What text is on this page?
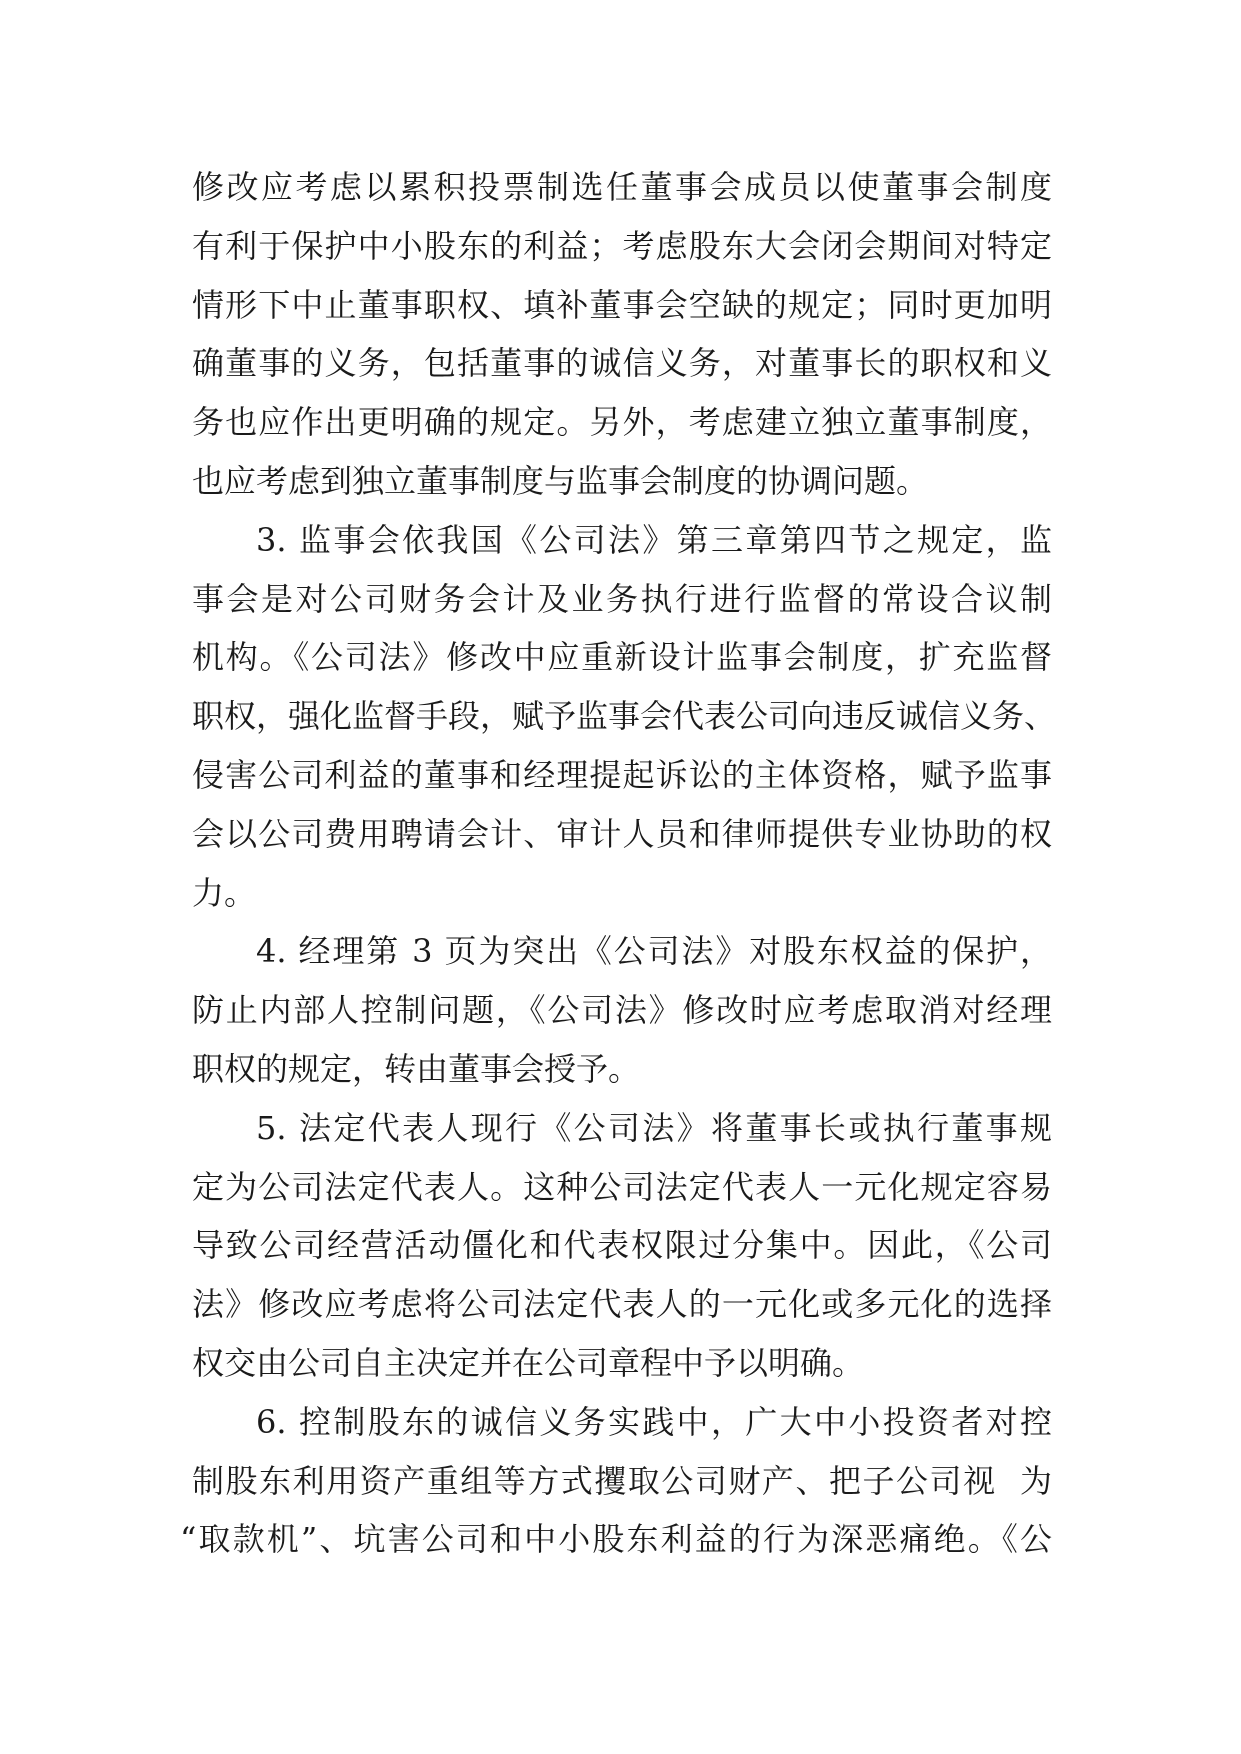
修改应考虑以累积投票制选任董事会成员以使董事会制度
有利于保护中小股东的利益；考虑股东大会闭会期间对特定
情形下中止董事职权、填补董事会空缺的规定；同时更加明
确董事的义务，包括董事的诚信义务，对董事长的职权和义
务也应作出更明确的规定。另外，考虑建立独立董事制度，
也应考虑到独立董事制度与监事会制度的协调问题。
3. 监事会依我国《公司法》第三章第四节之规定，监
事会是对公司财务会计及业务执行进行监督的常设合议制
机构。《公司法》修改中应重新设计监事会制度，扩充监督
职权，强化监督手段，赋予监事会代表公司向违反诚信义务、
侵害公司利益的董事和经理提起诉讼的主体资格，赋予监事
会以公司费用聘请会计、审计人员和律师提供专业协助的权
力。
4. 经理第 3 页为突出《公司法》对股东权益的保护，
防止内部人控制问题，《公司法》修改时应考虑取消对经理
职权的规定，转由董事会授予。
5. 法定代表人现行《公司法》将董事长或执行董事规
定为公司法定代表人。这种公司法定代表人一元化规定容易
导致公司经营活动僵化和代表权限过分集中。因此，《公司
法》修改应考虑将公司法定代表人的一元化或多元化的选择
权交由公司自主决定并在公司章程中予以明确。
6. 控制股东的诚信义务实践中，广大中小投资者对控
制股东利用资产重组等方式攫取公司财产、把子公司视  为
“取款机”、坑害公司和中小股东利益的行为深恶痛绝。《公
